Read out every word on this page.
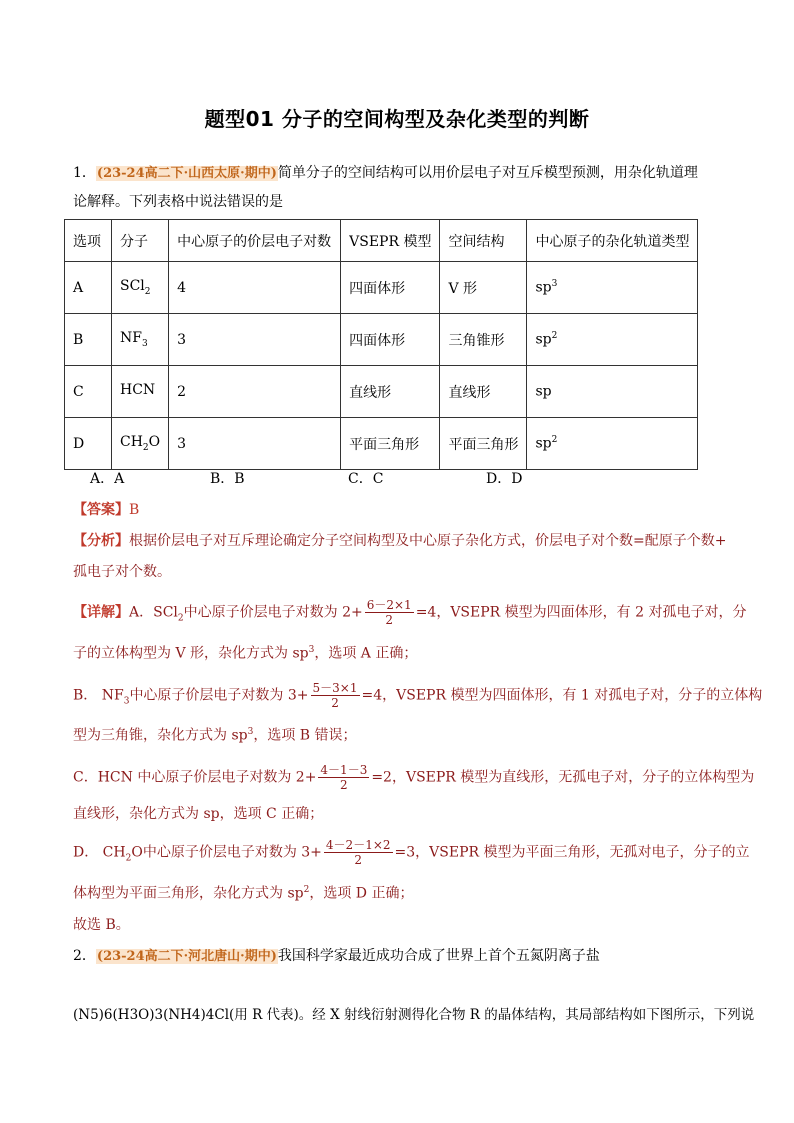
题型01 分子的空间构型及杂化类型的判断
1．(23-24高二下·山西太原·期中)简单分子的空间结构可以用价层电子对互斥模型预测，用杂化轨道理
论解释。下列表格中说法错误的是
选项	分子	中心原子的价层电子对数	VSEPR 模型	空间结构	中心原子的杂化轨道类型
A	SCl$_2$	4	四面体形	V 形	$sp^3$
B	$NF_3$	3	四面体形	三角锥形	$sp^2$
C	HCN	2	直线形	直线形	sp
D	$CH_2O$	3	平面三角形	平面三角形	$sp^2$
A．A	B．B	C．C	D．D
【答案】B
【分析】根据价层电子对互斥理论确定分子空间构型及中心原子杂化方式，价层电子对个数=配原子个数+
孤电子对个数。
【详解】A．SCl$_2$中心原子价层电子对数为 $2+ \frac{6-2\times 1}{2} =4$，VSEPR 模型为四面体形，有 2 对孤电子对，分
子的立体构型为 V 形，杂化方式为 $sp^3$，选项 A 正确；
B． $NF_3$中心原子价层电子对数为 $3+ \frac{5-3\times 1}{2} =4$，VSEPR 模型为四面体形，有 1 对孤电子对，分子的立体构
型为三角锥，杂化方式为 $sp^3$，选项 B 错误；
C．HCN 中心原子价层电子对数为 $2+ \frac{4-1-3}{2} =2$，VSEPR 模型为直线形，无孤电子对，分子的立体构型为
直线形，杂化方式为 sp，选项 C 正确；
D． $CH_2O$中心原子价层电子对数为 $3+ \frac{4-2-1\times 2}{2} =3$，VSEPR 模型为平面三角形，无孤对电子，分子的立
体构型为平面三角形，杂化方式为 $sp^2$，选项 D 正确；
故选 B。
2．(23-24高二下·河北唐山·期中)我国科学家最近成功合成了世界上首个五氮阴离子盐
(N5)6(H3O)3(NH4)4Cl(用 R 代表)。经 X 射线衍射测得化合物 R 的晶体结构，其局部结构如下图所示，下列说
